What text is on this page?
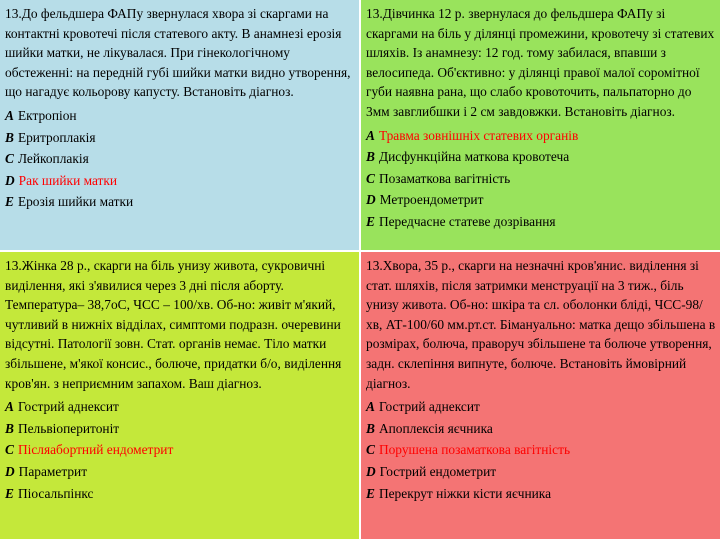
13.До фельдшера ФАПу звернулася хвора зі скаргами на контактні кровотечі після статевого акту. В анамнезі ерозія шийки матки, не лікувалася. При гінекологічному обстеженні: на передній губі шийки матки видно утворення, що нагадує кольорову капусту. Встановіть діагноз.
А Ектропіон
B Еритроплакія
C Лейкоплакія
D Рак шийки матки
E Ерозія шийки матки
13.Дівчинка 12 р. звернулася до фельдшера ФАПу зі скаргами на біль у ділянці промежини, кровотечу зі статевих шляхів. Із анамнезу: 12 год. тому забилася, впавши з велосипеда. Об'єктивно: у ділянці правої малої соромітної губи наявна рана, що слабо кровоточить, пальпаторно до 3мм завглибшки і 2 см завдовжки. Встановіть діагноз.
A Травма зовнішніх статевих органів
B Дисфункційна маткова кровотеча
C Позаматкова вагітність
D Метроендометрит
E Передчасне статеве дозрівання
13.Жінка 28 р., скарги на біль унизу живота, сукровичні виділення, які з'явилися через 3 дні після аборту. Температура– 38,7оС, ЧСС – 100/хв. Об-но: живіт м'який, чутливий в нижніх відділах, симптоми подразн. очеревини відсутні. Патології зовн. Стат. органів немає. Тіло матки збільшене, м'якої консис., болюче, придатки б/о, виділення кров'ян. з неприємним запахом. Ваш діагноз.
A Гострий аднексит
B Пельвіоперитоніт
C Післяабортний ендометрит
D Параметрит
E Піосальпінкс
13.Хвора, 35 р., скарги на незначні кров'янис. виділення зі стат. шляхів, після затримки менструації на 3 тиж., біль унизу живота. Об-но: шкіра та сл. оболонки бліді, ЧСС-98/хв, АТ-100/60 мм.рт.ст. Бімануально: матка дещо збільшена в розмірах, болюча, праворуч збільшене та болюче утворення, задн. склепіння випнуте, болюче. Встановіть ймовірний діагноз.
А Гострий аднексит
B Апоплексія яєчника
C Порушена позаматкова вагітність
D Гострий ендометрит
E Перекрут ніжки кісти яєчника
